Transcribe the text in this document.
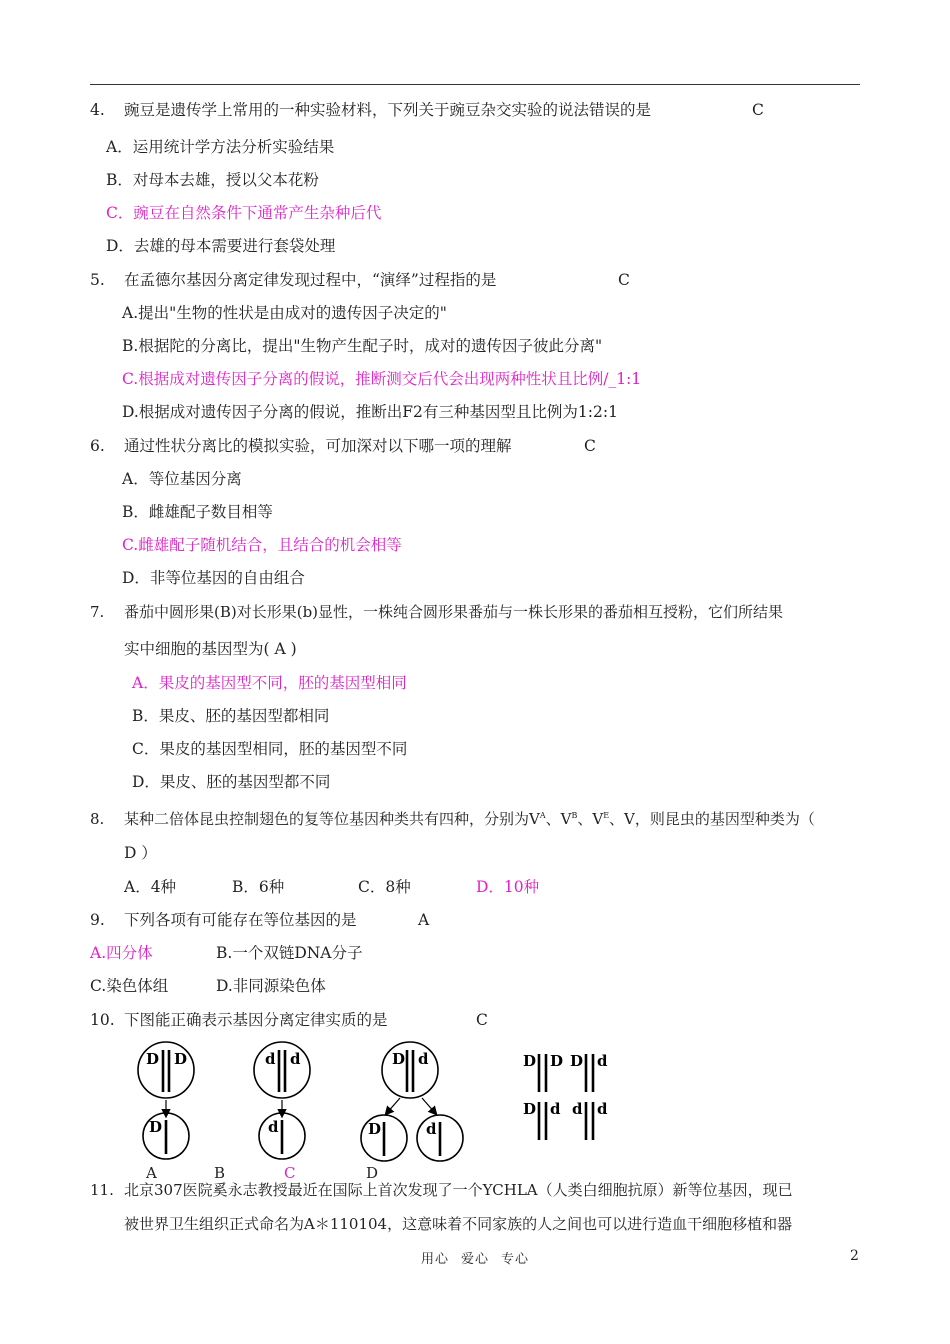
4. 豌豆是遗传学上常用的一种实验材料，下列关于豌豆杂交实验的说法错误的是	C
A．运用统计学方法分析实验结果
B．对母本去雄，授以父本花粉
C．豌豆在自然条件下通常产生杂种后代
D．去雄的母本需要进行套袋处理
5. 在孟德尔基因分离定律发现过程中，“演绎”过程指的是	C
A.提出"生物的性状是由成对的遗传因子决定的"
B.根据陀的分离比，提出"生物产生配子时，成对的遗传因子彼此分离"
C.根据成对遗传因子分离的假说，推断测交后代会出现两种性状且比例/_1:1
D.根据成对遗传因子分离的假说，推断出F2有三种基因型且比例为1:2:1
6. 通过性状分离比的模拟实验，可加深对以下哪一项的理解	C
A．等位基因分离
B．雌雄配子数目相等
C.雌雄配子随机结合，且结合的机会相等
D．非等位基因的自由组合
7. 番茄中圆形果(B)对长形果(b)显性，一株纯合圆形果番茄与一株长形果的番茄相互授粉，它们所结果
实中细胞的基因型为( A )
A．果皮的基因型不同，胚的基因型相同
B．果皮、胚的基因型都相同
C．果皮的基因型相同，胚的基因型不同
D．果皮、胚的基因型都不同
8. 某种二倍体昆虫控制翅色的复等位基因种类共有四种，分别为$V^A$、$V^B$、$V^E$、V，则昆虫的基因型种类为（
D ）
A．4种	B．6种	C．8种	D．10种
9. 下列各项有可能存在等位基因的是	A
A.四分体	B.一个双链DNA分子
C.染色体组	D.非同源染色体
10. 下图能正确表示基因分离定律实质的是	C
D D
D
d d
d
D d
D	d
D D D d
D d d d
A	B	C	D
11. 北京307医院奚永志教授最近在国际上首次发现了一个YCHLA（人类白细胞抗原）新等位基因，现已
被世界卫生组织正式命名为A＊110104，这意味着不同家族的人之间也可以进行造血干细胞移植和器
用心 爱心 专心	2
